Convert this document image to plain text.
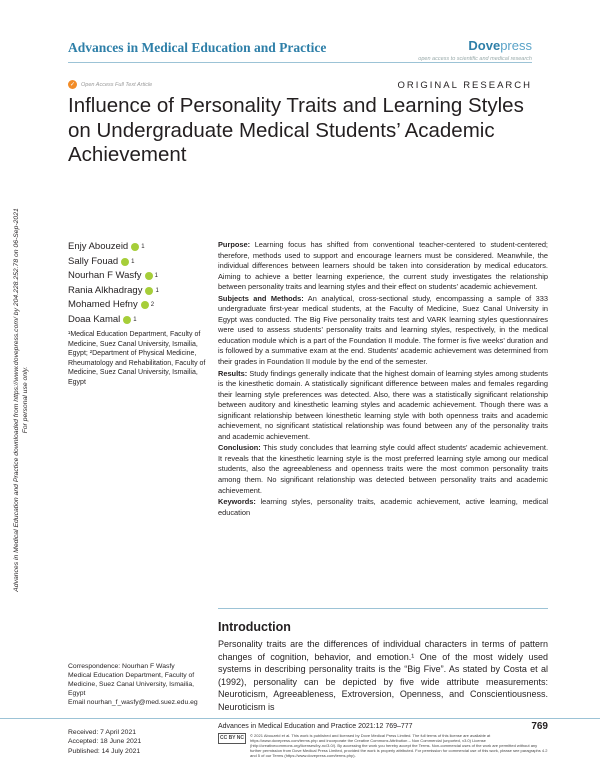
Advances in Medical Education and Practice	Dovepress
open access to scientific and medical research
✓	Open Access Full Text Article	ORIGINAL RESEARCH
Influence of Personality Traits and Learning Styles on Undergraduate Medical Students’ Academic Achievement
Advances in Medical Education and Practice downloaded from https://www.dovepress.com/ by 204.228.252.78 on 06-Sep-2021 For personal use only.
Enjy Abouzeid 1
Sally Fouad 1
Nourhan F Wasfy 1
Rania Alkhadragy 1
Mohamed Hefny 2
Doaa Kamal 1
¹Medical Education Department, Faculty of Medicine, Suez Canal University, Ismailia, Egypt; ²Department of Physical Medicine, Rheumatology and Rehabilitation, Faculty of Medicine, Suez Canal University, Ismailia, Egypt

Purpose: Learning focus has shifted from conventional teacher-centered to student-centered; therefore, methods used to support and encourage learners must be considered. Meanwhile, the individual differences between learners should be taken into consideration by medical educators. Aiming to achieve a better learning experience, the current study investigates the relationship between personality traits and learning styles and their effect on students’ academic achievement.

Subjects and Methods: An analytical, cross-sectional study, encompassing a sample of 333 undergraduate first-year medical students, at the Faculty of Medicine, Suez Canal University in Egypt was conducted. The Big Five personality traits test and VARK learning styles questionnaires were used to assess students’ personality traits and learning styles, respectively, in the medical education module which is a part of the Foundation II module. The former is five weeks’ duration and is followed by a summative exam at the end. Students’ academic achievement was determined from their grades in Foundation II module by the end of the semester.

Results: Study findings generally indicate that the highest domain of learning styles among students is the kinesthetic domain. A statistically significant difference between males and females regarding their learning style preferences was detected. Also, there was a statistically significant relationship between auditory and kinesthetic learning styles and academic achievement. Though there was a significant relationship between kinesthetic learning style with both openness traits and academic achievement, no significant statistical relationship was found between any of the personality traits and academic achievement.

Conclusion: This study concludes that learning style could affect students’ academic achievement. It reveals that the kinesthetic learning style is the most preferred learning style among our medical students, also the agreeableness and openness traits were the most common personality traits among them. No significant relationship was detected between personality traits and academic achievement.

Keywords: learning styles, personality traits, academic achievement, active learning, medical education

Introduction
Personality traits are the differences of individual characters in terms of pattern changes of cognition, behavior, and emotion.¹ One of the most widely used systems in describing personality traits is the “Big Five”. As stated by Costa et al (1992), personality can be depicted by five wide attribute measurements: Neuroticism, Agreeableness, Extroversion, Openness, and Conscientiousness. Neuroticism is
Correspondence: Nourhan F Wasfy
Medical Education Department, Faculty of Medicine, Suez Canal University, Ismailia, Egypt
Email nourhan_f_wasfy@med.suez.edu.eg
Received: 7 April 2021
Accepted: 18 June 2021
Published: 14 July 2021
Advances in Medical Education and Practice 2021:12 769–777	769
CC BY NC	© 2021 Abouzeid et al. This work is published and licensed by Dove Medical Press Limited. The full terms of this license are available at https://www.dovepress.com/terms.php and incorporate the Creative Commons Attribution – Non Commercial (unported, v3.0) License (http://creativecommons.org/licenses/by-nc/3.0/). By accessing the work you hereby accept the Terms. Non-commercial uses of the work are permitted without any further permission from Dove Medical Press Limited, provided the work is properly attributed. For permission for commercial use of this work, please see paragraphs 4.2 and 5 of our Terms (https://www.dovepress.com/terms.php).
